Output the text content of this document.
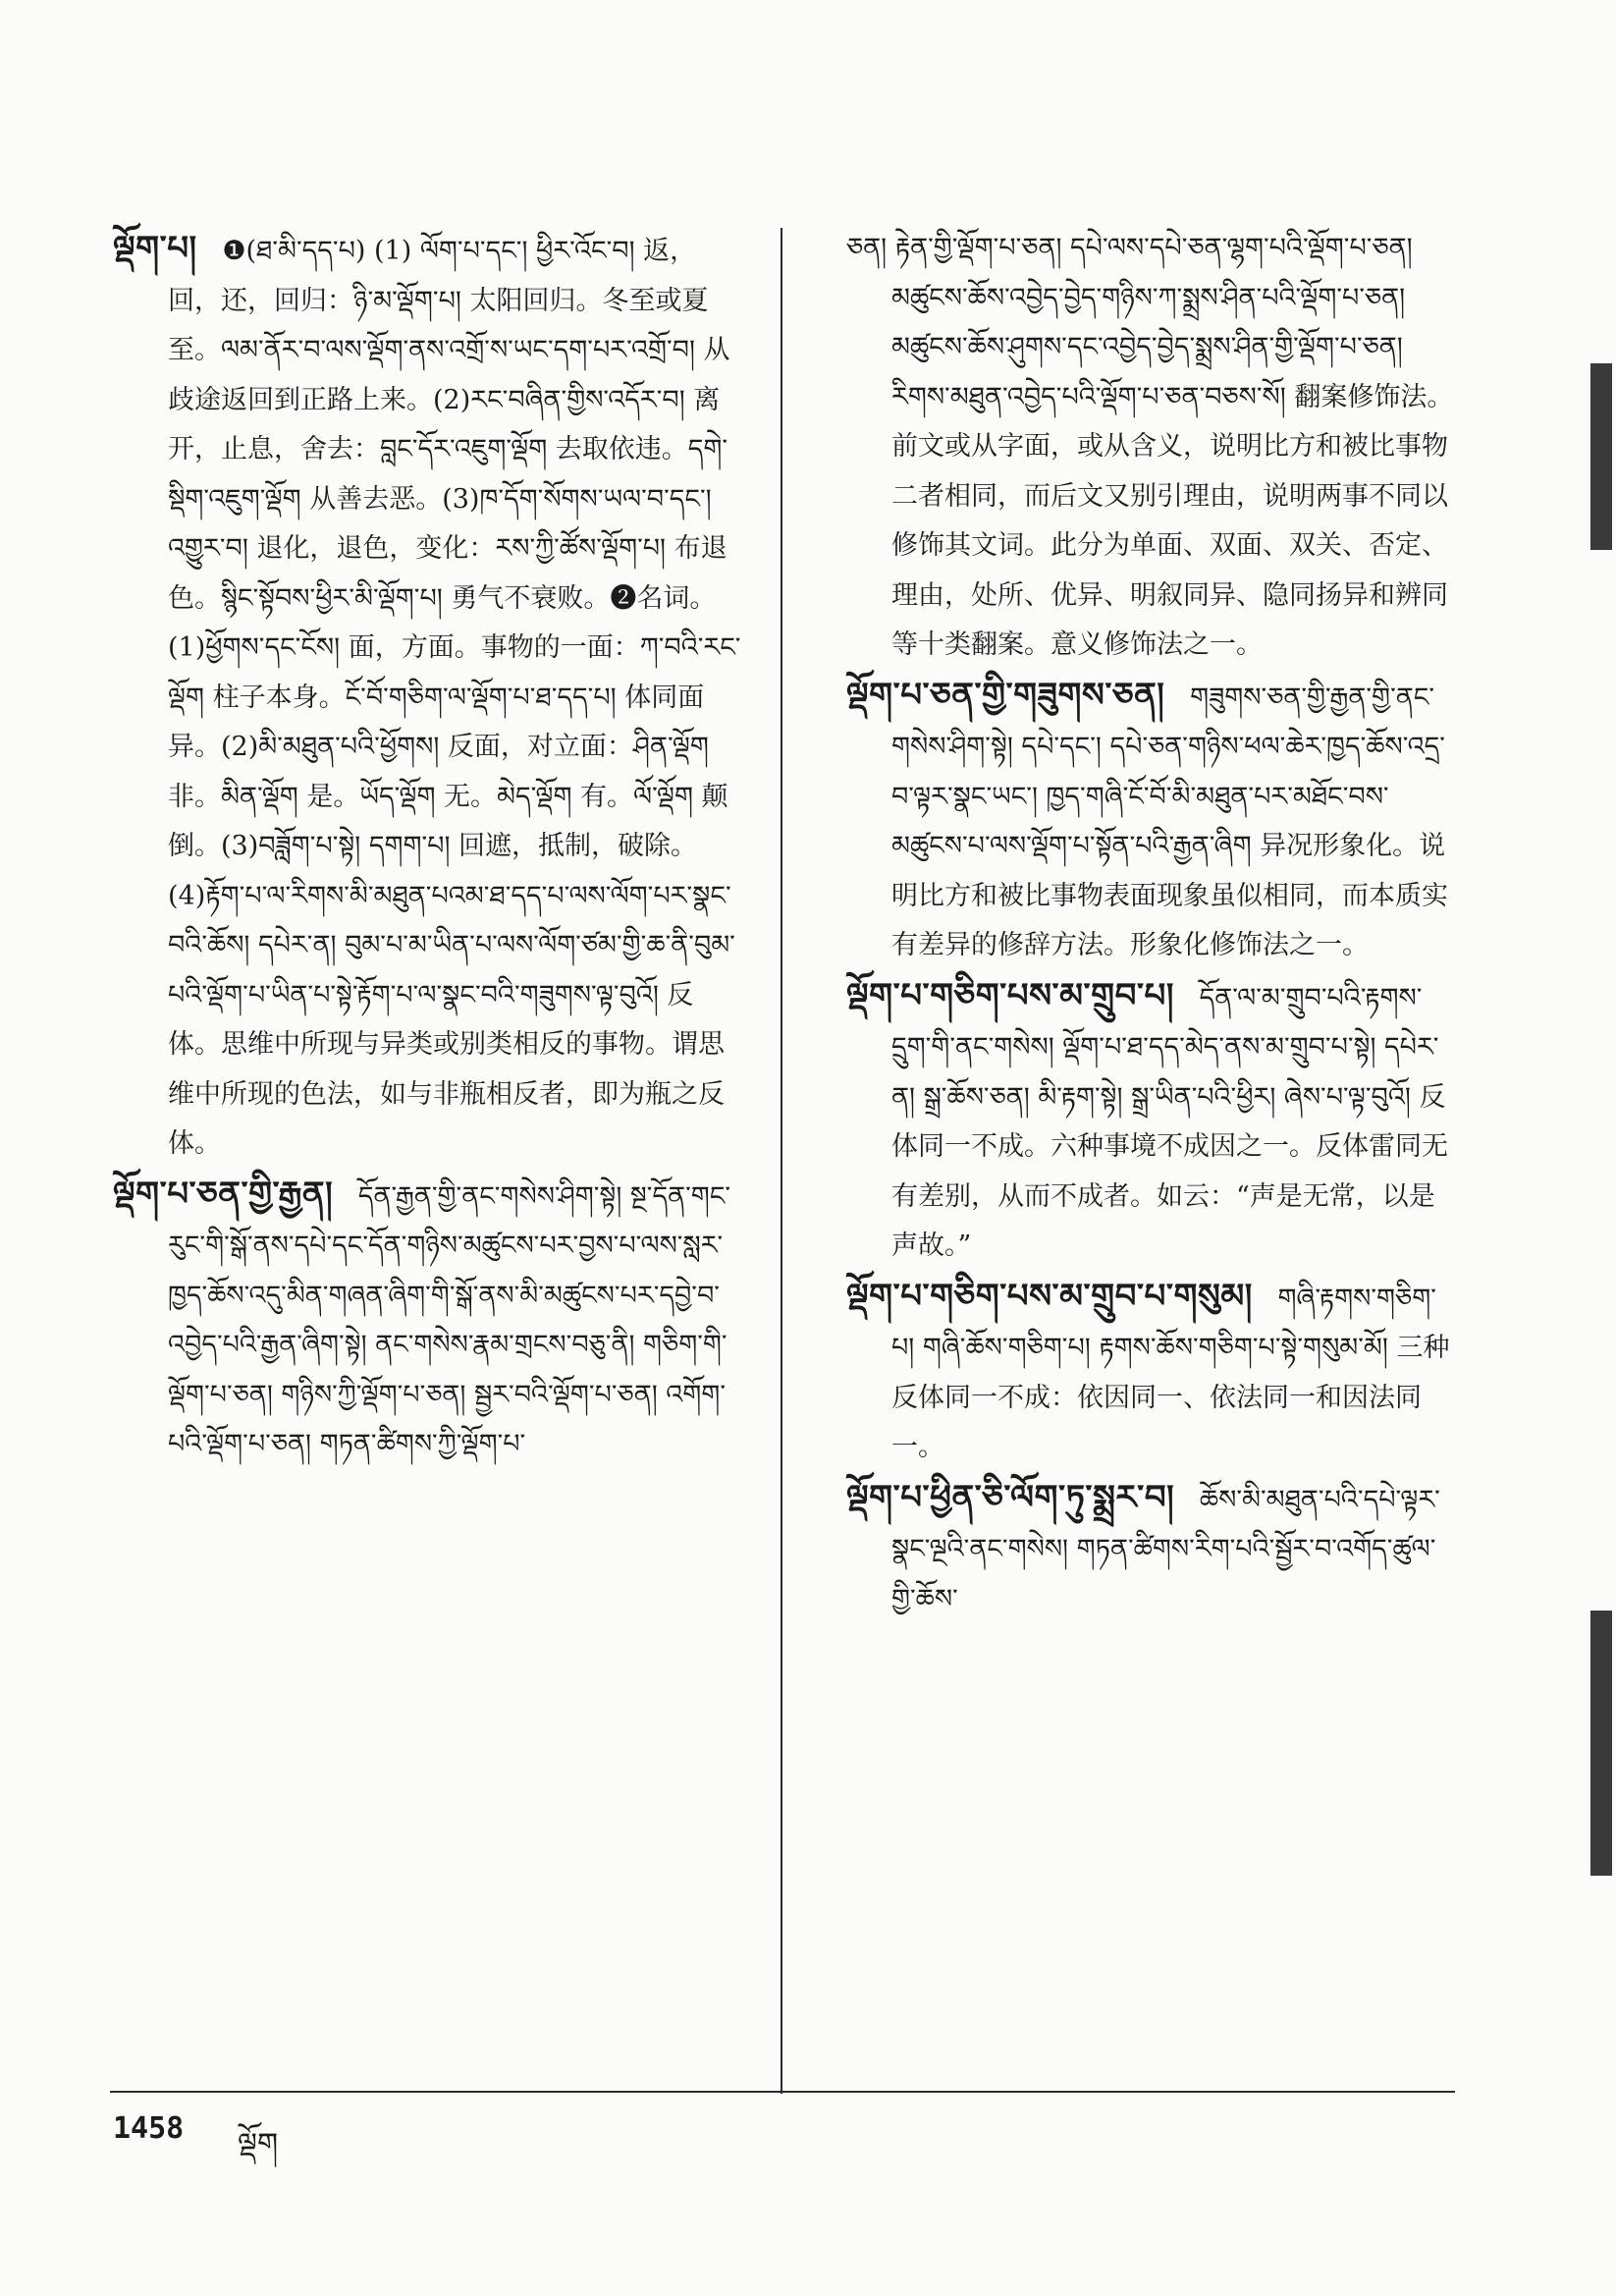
ལྡོག་པ། ❶(ཐ་མི་དད་པ) (1) ལོག་པ་དང་། ཕྱིར་འོང་བ། 返，回，还，回归：ཉི་མ་ལྡོག་པ། 太阳回归。冬至或夏至。ལམ་ནོར་བ་ལས་ལྡོག་ནས་འགྲོ་ས་ཡང་དག་པར་འགྲོ་བ། 从歧途返回到正路上来。(2)རང་བཞིན་གྱིས་འདོར་བ། 离开，止息，舍去：བླང་དོར་འཇུག་ལྡོག 去取依违。དགེ་སྡིག་འཇུག་ལྡོག 从善去恶。(3)ཁ་དོག་སོགས་ཡལ་བ་དང་། འགྱུར་བ། 退化，退色，变化：རས་ཀྱི་ཚོས་ལྡོག་པ། 布退色。སྙིང་སྟོབས་ཕྱིར་མི་ལྡོག་པ། 勇气不衰败。❷名词。(1)ཕྱོགས་དང་ངོས། 面，方面。事物的一面：ཀ་བའི་རང་ལྡོག 柱子本身。ངོ་བོ་གཅིག་ལ་ལྡོག་པ་ཐ་དད་པ། 体同面异。(2)མི་མཐུན་པའི་ཕྱོགས། 反面，对立面：ཤིན་ལྡོག 非。མིན་ལྡོག 是。ཡོད་ལྡོག 无。མེད་ལྡོག 有。ལོ་ལྡོག 颠倒。(3)བཟློག་པ་སྟེ། དགག་པ། 回遮，抵制，破除。 (4)རྟོག་པ་ལ་རིགས་མི་མཐུན་པའམ་ཐ་དད་པ་ལས་ལོག་པར་སྣང་བའི་ཆོས། དཔེར་ན། བུམ་པ་མ་ཡིན་པ་ལས་ལོག་ཙམ་གྱི་ཆ་ནི་བུམ་པའི་ལྡོག་པ་ཡིན་པ་སྟེ་རྟོག་པ་ལ་སྣང་བའི་གཟུགས་ལྟ་བུའོ། 反体。思维中所现与异类或别类相反的事物。谓思维中所现的色法，如与非瓶相反者，即为瓶之反体。

ལྡོག་པ་ཅན་གྱི་རྒྱན། དོན་རྒྱན་གྱི་ནང་གསེས་ཤིག་སྟེ། སྔ་དོན་གང་རུང་གི་སྒོ་ནས་དཔེ་དང་དོན་གཉིས་མཚུངས་པར་བྱས་པ་ལས་སླར་ཁྱད་ཆོས་འདུ་མིན་གཞན་ཞིག་གི་སྒོ་ནས་མི་མཚུངས་པར་དབྱེ་བ་འབྱེད་པའི་རྒྱན་ཞིག་སྟེ། ནང་གསེས་རྣམ་གྲངས་བཅུ་ནི། གཅིག་གི་ལྡོག་པ་ཅན། གཉིས་ཀྱི་ལྡོག་པ་ཅན། སྦྱར་བའི་ལྡོག་པ་ཅན། འགོག་པའི་ལྡོག་པ་ཅན། གཏན་ཚིགས་ཀྱི་ལྡོག་པ་

ཅན། རྟེན་གྱི་ལྡོག་པ་ཅན། དཔེ་ལས་དཔེ་ཅན་ལྷག་པའི་ལྡོག་པ་ཅན། མཚུངས་ཆོས་འབྱེད་བྱེད་གཉིས་ཀ་སྨྲས་ཤིན་པའི་ལྡོག་པ་ཅན། མཚུངས་ཆོས་ཤུགས་དང་འབྱེད་བྱེད་སྨྲས་ཤིན་གྱི་ལྡོག་པ་ཅན། རིགས་མཐུན་འབྱེད་པའི་ལྡོག་པ་ཅན་བཅས་སོ། 翻案修饰法。前文或从字面，或从含义，说明比方和被比事物二者相同，而后文又别引理由，说明两事不同以修饰其文词。此分为单面、双面、双关、否定、理由，处所、优异、明叙同异、隐同扬异和辨同等十类翻案。意义修饰法之一。

ལྡོག་པ་ཅན་གྱི་གཟུགས་ཅན། གཟུགས་ཅན་གྱི་རྒྱན་གྱི་ནང་གསེས་ཤིག་སྟེ། དཔེ་དང་། དཔེ་ཅན་གཉིས་ཕལ་ཆེར་ཁྱད་ཆོས་འདྲ་བ་ལྟར་སྣང་ཡང་། ཁྱད་གཞི་ངོ་བོ་མི་མཐུན་པར་མཐོང་བས་མཚུངས་པ་ལས་ལྡོག་པ་སྟོན་པའི་རྒྱན་ཞིག 异况形象化。说明比方和被比事物表面现象虽似相同，而本质实有差异的修辞方法。形象化修饰法之一。

ལྡོག་པ་གཅིག་པས་མ་གྲུབ་པ། དོན་ལ་མ་གྲུབ་པའི་རྟགས་དྲུག་གི་ནང་གསེས། ལྡོག་པ་ཐ་དད་མེད་ནས་མ་གྲུབ་པ་སྟེ། དཔེར་ན། སྒྲ་ཆོས་ཅན། མི་རྟག་སྟེ། སྒྲ་ཡིན་པའི་ཕྱིར། ཞེས་པ་ལྟ་བུའོ། 反体同一不成。六种事境不成因之一。反体雷同无有差别，从而不成者。如云：“声是无常，以是声故。”

ལྡོག་པ་གཅིག་པས་མ་གྲུབ་པ་གསུམ། གཞི་རྟགས་གཅིག་པ། གཞི་ཆོས་གཅིག་པ། རྟགས་ཆོས་གཅིག་པ་སྟེ་གསུམ་མོ། 三种反体同一不成：依因同一、依法同一和因法同一。

ལྡོག་པ་ཕྱིན་ཅི་ལོག་ཏུ་སྨྲར་བ། ཆོས་མི་མཐུན་པའི་དཔེ་ལྟར་སྣང་ལྔའི་ནང་གསེས། གཏན་ཚིགས་རིག་པའི་སྦྱོར་བ་འགོད་ཚུལ་གྱི་ཆོས་

1458 ལྡོག
